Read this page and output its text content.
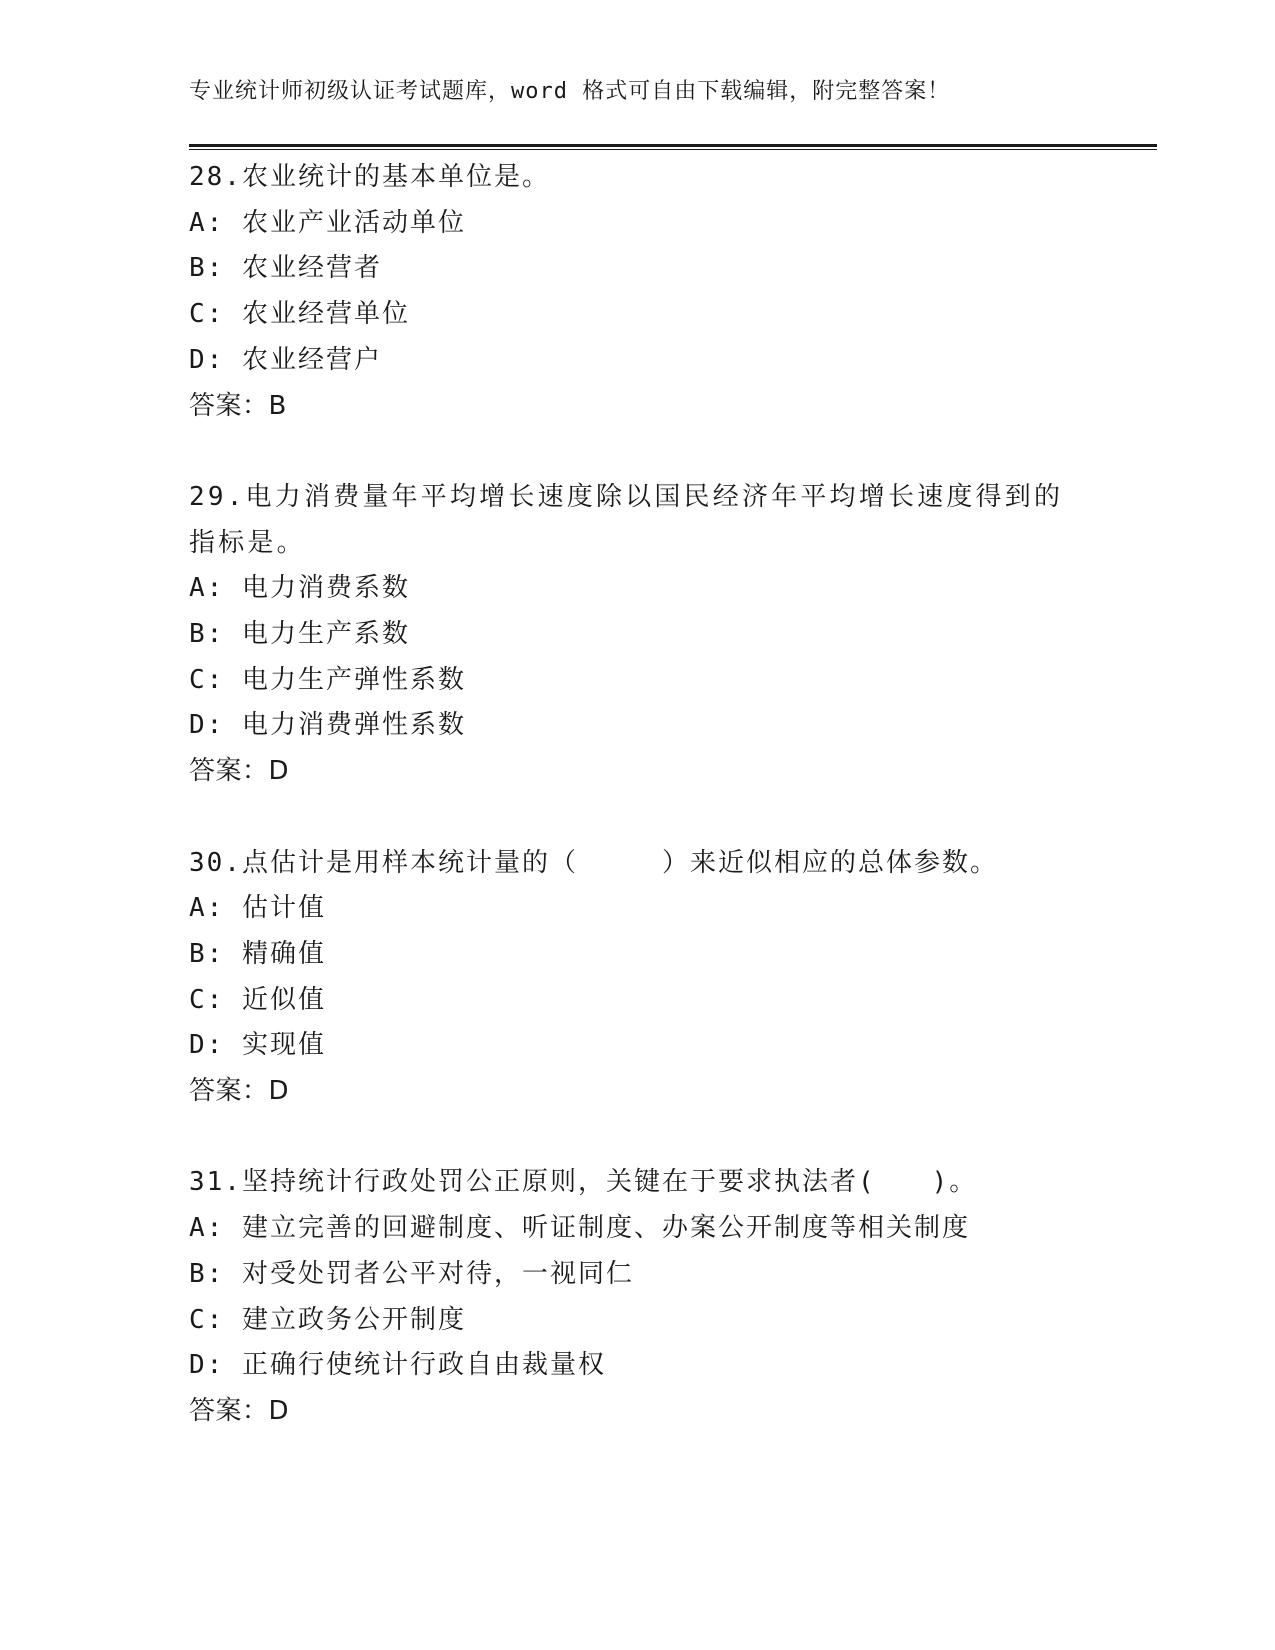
专业统计师初级认证考试题库，word 格式可自由下载编辑，附完整答案！
28.农业统计的基本单位是。
A: 农业产业活动单位
B: 农业经营者
C: 农业经营单位
D: 农业经营户
答案：B
29.电力消费量年平均增长速度除以国民经济年平均增长速度得到的指标是。
A: 电力消费系数
B: 电力生产系数
C: 电力生产弹性系数
D: 电力消费弹性系数
答案：D
30.点估计是用样本统计量的（　　　）来近似相应的总体参数。
A: 估计值
B: 精确值
C: 近似值
D: 实现值
答案：D
31.坚持统计行政处罚公正原则，关键在于要求执法者(　　)。
A: 建立完善的回避制度、听证制度、办案公开制度等相关制度
B: 对受处罚者公平对待，一视同仁
C: 建立政务公开制度
D: 正确行使统计行政自由裁量权
答案：D
